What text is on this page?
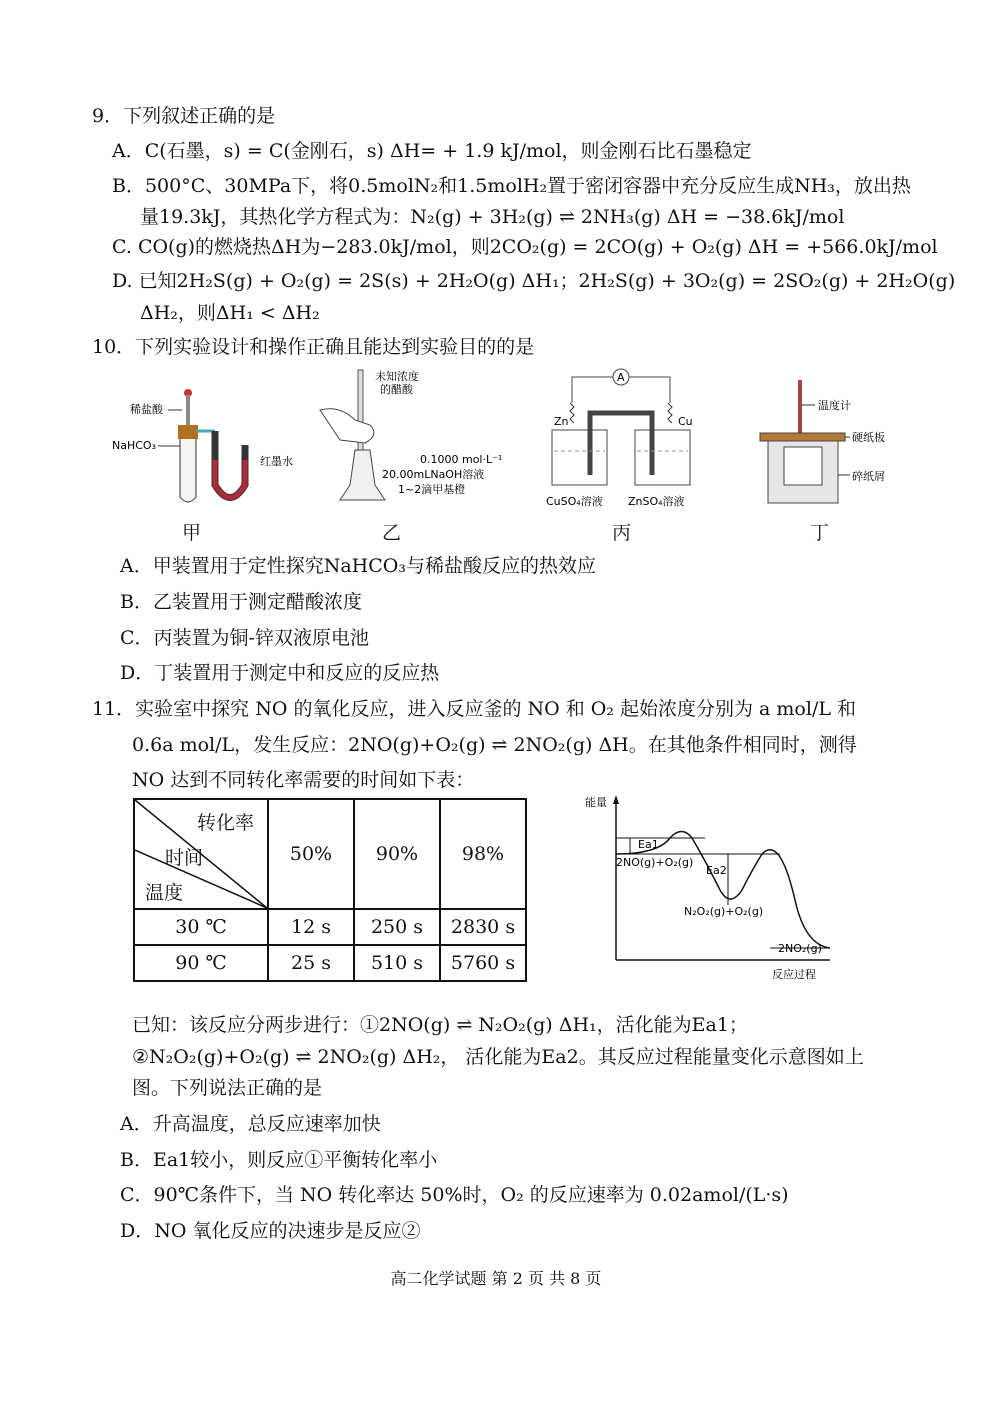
9．下列叙述正确的是
A．C(石墨，s) = C(金刚石，s) ΔH= + 1.9 kJ/mol，则金刚石比石墨稳定
B．500°C、30MPa下，将0.5molN₂和1.5molH₂置于密闭容器中充分反应生成NH₃，放出热
量19.3kJ，其热化学方程式为：N₂(g) + 3H₂(g) ⇌ 2NH₃(g) ΔH = −38.6kJ/mol
C. CO(g)的燃烧热ΔH为−283.0kJ/mol，则2CO₂(g) = 2CO(g) + O₂(g) ΔH = +566.0kJ/mol
D. 已知2H₂S(g) + O₂(g) = 2S(s) + 2H₂O(g) ΔH₁；2H₂S(g) + 3O₂(g) = 2SO₂(g) + 2H₂O(g)
ΔH₂，则ΔH₁ < ΔH₂
10．下列实验设计和操作正确且能达到实验目的的是
稀盐酸
NaHCO₃
红墨水
未知浓度
的醋酸
0.1000 mol·L⁻¹
20.00mLNaOH溶液
1~2滴甲基橙
A
Zn	Cu
CuSO₄溶液 ZnSO₄溶液
温度计
硬纸板
碎纸屑
甲	乙	丙	丁
A．甲装置用于定性探究NaHCO₃与稀盐酸反应的热效应
B．乙装置用于测定醋酸浓度
C．丙装置为铜-锌双液原电池
D．丁装置用于测定中和反应的反应热
11．实验室中探究 NO 的氧化反应，进入反应釜的 NO 和 O₂ 起始浓度分别为 a mol/L 和
0.6a mol/L，发生反应：2NO(g)+O₂(g) ⇌ 2NO₂(g) ΔH。在其他条件相同时，测得
NO 达到不同转化率需要的时间如下表：
转化率
时间
温度	50%	90%	98%
30 ℃	12 s	250 s	2830 s
90 ℃	25 s	510 s	5760 s
能量
反应过程
Ea1
Ea2
2NO(g)+O₂(g)
N₂O₂(g)+O₂(g)
2NO₂(g)
已知：该反应分两步进行：①2NO(g) ⇌ N₂O₂(g) ΔH₁，活化能为Ea1；
②N₂O₂(g)+O₂(g) ⇌ 2NO₂(g) ΔH₂， 活化能为Ea2。其反应过程能量变化示意图如上
图。下列说法正确的是
A．升高温度，总反应速率加快
B．Ea1较小，则反应①平衡转化率小
C．90℃条件下，当 NO 转化率达 50%时，O₂ 的反应速率为 0.02amol/(L·s)
D．NO 氧化反应的决速步是反应②
高二化学试题 第 2 页 共 8 页
